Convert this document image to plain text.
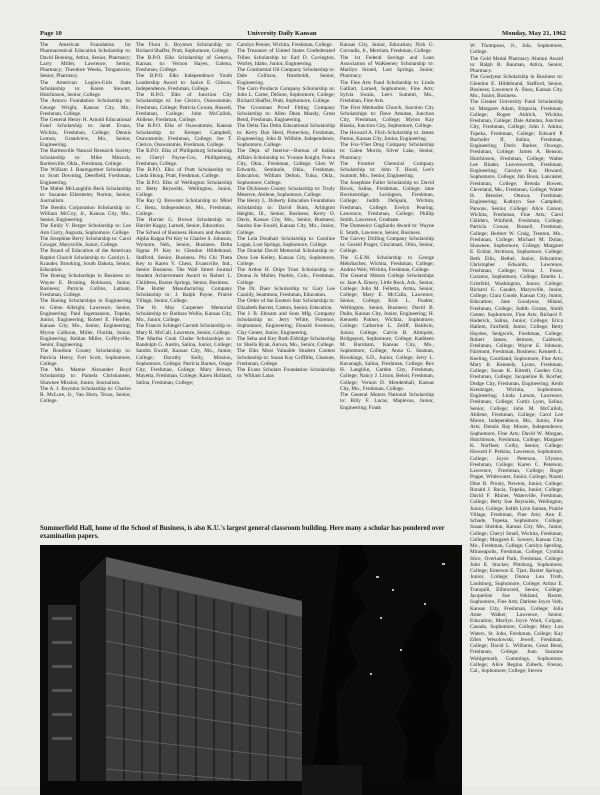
Page 10	University Daily Kansan	Monday, May 21, 1962

The American Foundation for Pharmaceutical Education Scholarship to: David Benning, Attica, Senior, Pharmacy; Larry Miller, Lawrence, Senior, Pharmacy; Theodore Weeks, Tonganoxie, Senior, Pharmacy.

The American Legion-Girls State Scholarship to: Karen Stewart, Hutchinson, Senior, College.

The Amoco Foundation Scholarship to: George Wright, Kansas City, Mo., Freshman, College.

The General Henry H. Arnold Educational Fund Scholarship to: Janet Evans, Wichita, Freshman, College; Dennis Lemon, Grandview, Mo., Senior, Engineering.

The Bartlesville Natural Research Society Scholarship to: Mike Mitzock, Bartlesville, Okla., Freshman, College.

The William J. Baumgartner Scholarship to: Scott Downing, Deerfield, Freshman, Engineering.

The Mabel McLaughlin Beck Scholarship to: Suzanne Ellermeier, Norton, Senior, Journalism.

The Bendix Corporation Scholarship to: William McCoy, Jr., Kansas City, Mo., Senior, Engineering.

The Emily V. Berger Scholarship to: Lee Ann Curry, Augusta, Sophomore, College.

The Josephine Berry Scholarship to: Carol Cowger, Marysville, Junior, College.

The Board of Education of the American Baptist Church Scholarship to: Carolyn L. Krauder, Brooking, South Dakota, Senior, Education.

The Boeing Scholarships in Business to: Wayne E. Bruning, Robinson, Junior, Business; Patricia Collins, Latham, Freshman, College.

The Boeing Scholarships in Engineering to: Glenn Albright, Lawrence, Senior, Engineering; Paul Ingemanson, Topeka, Junior, Engineering; Robert E. Fleisher, Kansas City, Mo., Senior, Engineering; Myron Calhoun, Miller, Florida, Junior, Engineering; Kehlan Miller, Coffeyville, Senior, Engineering.

The Bourbon County Scholarship to: Patricia Henry, Fort Scott, Sophomore, College.

The Mrs. Mamie Alexander Boyd Scholarship to: Pamela Christiansen, Shawnee Mission, Junior, Journalism.

The A. J. Boynton Scholarship to: Charles R. McLure, Jr., Van Horn, Texas, Senior, College.

The Flora S. Boynton Scholarship to: Richard Shaffer, Pratt, Sophomore, College.

The B.P.O. Elks Scholarship of Geneva, Kansas, to: Vernon Hayes, Galena, Freshman, College.

The B.P.O. Elks Independence Youth Leadership Award to: Janice E. Gibson, Independence, Freshman, College.

The B.P.O. Elks of Junction City Scholarships to: Joe Clerico, Osawatomie, Freshman, College; Patricia Cowan, Russell, Freshman, College; John McCulloh, Abilene, Freshman, College.

The B.P.O. Elks of Osawatomie, Kansas Scholarship to: Kemper Campbell, Osawatomie, Freshman, College; Joe T. Clerico, Osawatomie, Freshman, College.

The B.P.O. Elks of Phillipsburg Scholarship to: Cheryl Payne-Cox, Phillipsburg, Freshman, College.

The B.P.O. Elks of Pratt Scholarship to: Linda Shoup, Pratt, Freshman, College.

The B.P.O. Elks of Wellington Scholarship to: Betty Reynolds, Wellington, Junior, College.

The Ray Q. Brewster Scholarship to: Mirel C. Benz, Independence, Mo., Freshman, College.

The Harriet G. Brown Scholarship to: Harriet Kagay, Larned, Senior, Education.

The School of Business Honors and Awards: Alpha Kappa Psi Key to Charles S. Johnson, Wymore, Neb., Senior, Business. Delta Sigma Pi Key to Glendon Hildebrand, Stafford, Senior, Business. Phi Chi Theta Key to Karen V. Chess, Evansville, Ind., Senior Business. The Wall Street Journal Student Achievement Award to Robert L. Childress, Baxter Springs, Senior, Business.

The Butler Manufacturing Company Scholarship to: J. Ralph Payne, Prairie Village, Senior, College.

The H. May Carpenter Memorial Scholarship to: Barbara Wollis, Kansas City, Mo., Junior, College.

The Francis Schlegel Carruth Scholarship to: Mary R. McCall, Lawrence, Senior, College.

The Martha Cook Clarke Scholarships to: Randolph G. Austin, Salina, Junior, College; Sandra Ewald, Kansas City, Mo., Junior, College; Dorothy Kelly, Mission, Sophomore, College; Patricia Barnes, Osage City, Freshman, College; Mary Brown, Mayetta, Freshman, College; Karen Holland, Salina, Freshman, College;

Carolyn Penner, Wichita, Freshman, College.

The Treasurer of United States Confederated Tribes Scholarship to: Earl D. Covington, Worley, Idaho, Junior, Engineering.

The Continental Oil Company Scholarship to: Dale Collison, Humboldt, Senior, Engineering.

The Corn Products Company Scholarship to: John L. Carter, DeSoto, Sophomore, College; Richard Shaffer, Pratt, Sophomore, College.

The Crossman Proof Fitting Company Scholarship to: Allen Dean Mundy, Great Bend, Freshman, Engineering.

The Delta Tau Delta Educational Scholarship to: Kerry Don Herd, Protection, Freshman, Engineering; John B. Willhite, Independence, Sophomore, College.

The Dept. of Interior—Bureau of Indian Affairs Scholarship to: Yvonne Knight, Ponca City, Okla., Freshman, College; Glen W. Edwards, Seminole, Okla., Freshman, Education; William Delton, Tulsa, Okla., Sophomore, College.

The Dickinson County Scholarship to: Trudy Meserve, Abilene, Sophomore, College.

The Henry L. Doherty Education Foundation Scholarship to: David Butts, Arlington Heights, Ill., Senior, Business; Kerry O. Davis, Kansas City, Mo., Senior, Business; Sandra Sue Ewald, Kansas City, Mo., Junior, College.

The Lela Douthart Scholarship to: Caroline Logan, Lost Springs, Sophomore, College.

The Doudal David Memorial Scholarship to: Dora Lee Kelley, Kansas City, Sophomore, College.

The Arthur H. Drips Trust Scholarship to: Donna Jo Mulier, Pueblo, Colo., Freshman, College.

The Dr. Duer Scholarship to: Gary Lee Cassidy, Seammon, Freshman, Education.

The Order of the Eastern Star Scholarship to: Elizabeth Barrett, Canton, Senior, Education.

The J. B. Ehrsam and Sons Mfg. Company Scholarship to: Jerry White, Florence, Sophomore, Engineering; Donald Swenson, Clay Center, Junior, Engineering.

The Seba and Key Ruth Eldridge Scholarship to: Sheila Ryan, Aurora, Mo., Senior, College.

The Elks Most Valuable Student Contest Scholarship to: Susan Kay Griffiths, Chanute, Freshman, College.

The Evans Scholars Foundation Scholarship to: William Latas

Kansas City, Junior, Education; Nick G. Coroudis, Jr., Merriam, Freshman, College.

The 1st Federal Savings and Loan Association of WaKeeney Scholarship to: Marilyn Strand, Lost Springs, Junior, Pharmacy.

The Fine Arts Fund Scholarship to: Linda Galliart, Larned, Sophomore, Fine Arts; Sylvia Swain, Lee's Summit, Mo., Freshman, Fine Arts.

The First Methodist Church, Junction City Scholarships to: Dave Amutan, Junction City, Freshman, College; Myron Kay Blaska, Junction City, Sophomore, College.

The Howard A. Fitch Scholarship to: James Patton, Kansas City, Junior, Engineering.

The Fox-Vliet Drug Company Scholarship to: Galen Morris, Silver Lake, Senior, Pharmacy.

The Frontier Chemical Company Scholarship to: John T. Hood, Lee's Summit, Mo., Senior, Engineering.

The Josephine Fuller Scholarship to: David Brock, Salina, Freshman, College; Jane Breckenridge, Lexington, Freshman, College; Judith DeSpain, Wichita, Freshman, College; Evelyn Pearing, Lawrence, Freshman, College; Phillip Smith, Lawrence, Graduate.

The Domenico Gagliardo Award to: Wayne E. Smith, Lawrence, Senior, Business.

The Garvey Drilling Company Scholarship to: Gerald Prager, Cincinnati, Ohio, Senior, College.

The G.E.M. Scholarship to George Mehrbacher, Wichita, Freshman, College; Andrea Weir, Wichita, Freshman, College.

The General Motors College Scholarships to: Jane A. Emery, Little Rock, Ark., Senior, College; Julia M. Felletta, Arma, Senior, College; Mary E. McCalla, Lawrence, Senior, College; Kirk L. Poalter, Wellington, Senior, Business; David B. Dulin, Kansas City, Junior, Engineering; H. Kenneth Palmer, Wichita, Sophomore, College; Catherine L. Zeliff, Baldwin, Junior, College; Calvin B. Almquist, Bridgeport, Sophomore, College; Kathleen M. Burnham, Kansas City, Mo., Sophomore, College; Anna G. Seaman, Brookings, S.D., Junior, College; Jerry L. Kavanagh, Salina, Freshman, College; Rex H. Laughlin, Garden City, Freshman, College; Nancy J. Liston, Beloit, Freshman, College; Vernon D. Mendenhall, Kansas City, Mo., Freshman, College.

The General Motors National Scholarship to: Billy F. Lucas, Maplevas, Junior, Engineering; Frank

W. Thompson, Jr., Iola, Sophomore, College.

The Gold Medal Pharmacy Alumni Award to: Ralph B. Bauman, Attica, Senior, Pharmacy.

The Goodyear Scholarship in Business to: Glendon E. Hildebrand, Stafford, Senior, Business; Lawrence A. Sluss, Kansas City, Mo., Junior, Business.

The Greater University Fund Scholarship to: Margaret Adam, Emporia, Freshman, College; Rogen Aldrich, Wichita, Freshman, College; Dale Amutan, Junction City, Freshman, College; John J. Atkins, Topeka, Freshman, College; Edward P. Bachofer II, Salina, Freshman, Engineering; Doris Barker, Oswego, Freshman, College; James A. Benson, Hutchinson, Freshman, College; Walter Lee Binder, Leavenworth, Freshman, Engineering; Carolyn Kay Howard, Sophomore, College; Jim Boon, Lancaster, Freshman, College; Brenda Bowen, Cleveland, Mo., Freshman, College; Walter H. Bressler, Ottawa, Freshman, Engineering; Kathryn Sue Campbell, Parsons, Senior, College; Alice Carson, Wichita, Freshman, Fine Arts; Carol Childers, Winfield, Freshman, College; Patricia Cowan, Russell, Freshman, College; Herbert W. Craig, Trenton, Mo., Freshman, College; Michael M. Dolan, Shawnee, Sophomore, College; Margaret E. Ecklar, Atchison, Sophomore, College; Beth Ellis, Bethel, Junior, Education; Christopher Edwards, Lawrence, Freshman, College; Verna J. Fosse, Cozzens, Sophomore, College; Emelie L. Gristfeld, Washington, Junior, College; Richard G. Gaudet, Marysville, Junior, College; Clara Goode, Kansas City, Junior, Education; Jane Goodyear, Hiland, Freshman, College; Judith Grotan, Smith Center, Sophomore, Fine Arts; Richard F. Haderick, Salina, Junior, College; Erica Hallem, Fairfield, Junior, College; Betty Hayden, Sedgwick, Freshman, College; Robert James, Jetmore, Caldwell, Freshman, College; Wayne E. Johnson, Fairmont, Freshman, Business; Kenneth L. Keeling, Courtland, Sophomore, Fine Arts; Mary K. Kennedy, Lyons, Freshman, College; Susan K. Kittrell, Garden City, Freshman, College; Jacqueline B. Kocher, Dodge City, Freshman, Engineering; Keith Kreutziger, Wichita, Sophomore, Engineering; Linda Larson, Lawrence, Freshman, College; Curtis Lyon, Salina, Senior, College; John M. McCulloh, Abilene, Freshman, College; Carol Lee Moore, Independence, Mo., Junior, Fine Arts; Dennis Ray Moore, Independence, Sophomore, Fine Arts; David W. Morgan, Hutchinson, Freshman, College; Margaret K. Norfleet, Colby, Senior, College; Howard F. Perkins, Lawrence, Sophomore, College; Joyce Peterson, Ulysses, Freshman, College; Karen C. Peterson, Lawrence, Freshman, College; Roger Poppe, Whitewater, Junior, College; Naomi Dine B. Prouty, Newton, Junior, College; Ronald J. Racia, Topeka, Junior, College; David F. Rhiner, Waterville, Freshman, College; Betty Sue Reynolds, Wellington, Junior, College; Judith Lynn Saman, Prairie Village, Freshman, Fine Arts; Ann E. Schade, Topeka, Sophomore, College; Susan Sheldon, Kansas City, Mo., Junior, College; Cheryl Small, Wichita, Freshman, College; Margaret E. Sowers, Kansas City, Mo., Freshman, College; Carolyn Sperling, Minneapolis, Freshman, College; Cynthia Stice, Overland Park, Freshman, College; John E. Stucker, Pittsburg, Sophomore, College; Emerson E. Tjart, Baxter Springs, Junior, College; Donna Lou Troth, Lindsborg, Sophomore, College; Arthur E. Tranquill, Ellinwood, Senior, College; Jacqueline Sue Vokland, Baxter, Sophomore, Fine Arts; Darlene Joyce Voth, Kansas City, Freshman, College; Julia Anne Walker, Lawrence, Senior, Education; Marilyn Joyce Ward, Colgate, Canada, Sophomore, College; Mary Lou Waters, St. John, Freshman, College; Kay Ellen Wesolowski, Jewell, Freshman, College; David L. Williams, Great Bend, Freshman, College; Joan Suzanne Wohlgemuth, Cummings, Sophomore, College; Alice Regina Zubeck, Fresno, Cal., Sophomore, College; Steven

Summerfield Hall, home of the School of Business, is also K.U.'s largest general classroom building. Here many a scholar has pondered over examination papers.
